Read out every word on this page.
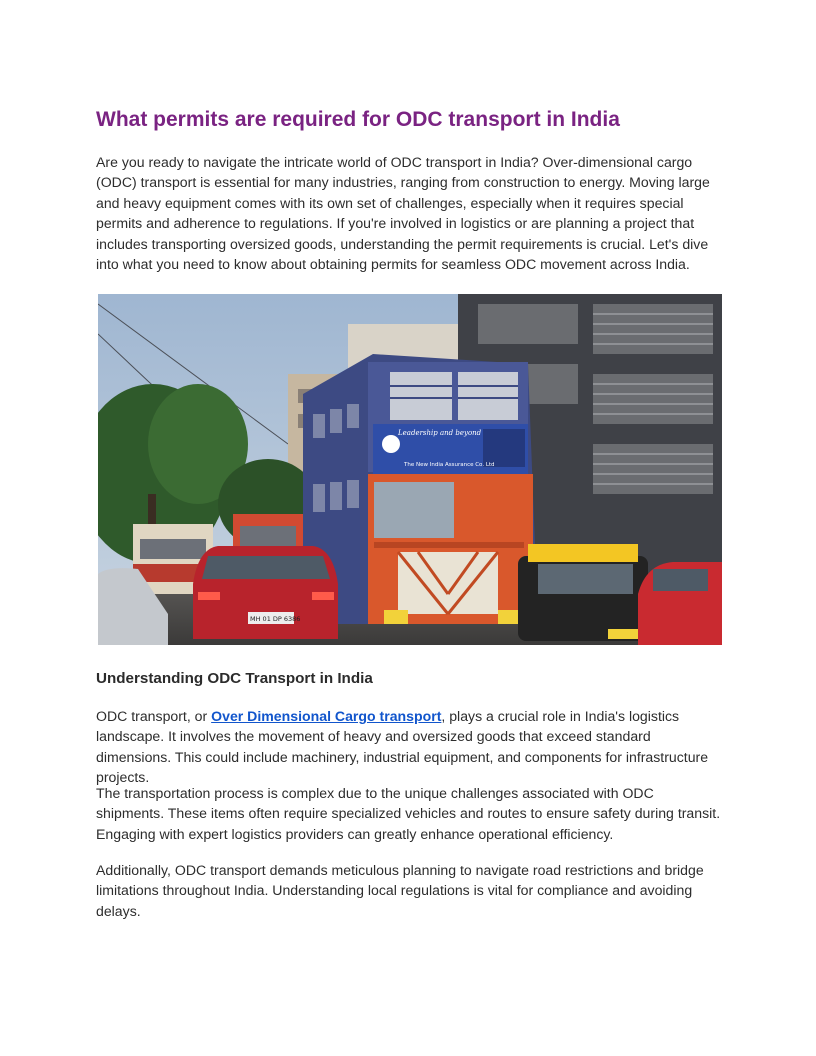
What permits are required for ODC transport in India

Are you ready to navigate the intricate world of ODC transport in India? Over-dimensional cargo (ODC) transport is essential for many industries, ranging from construction to energy. Moving large and heavy equipment comes with its own set of challenges, especially when it requires special permits and adherence to regulations. If you're involved in logistics or are planning a project that includes transporting oversized goods, understanding the permit requirements is crucial. Let's dive into what you need to know about obtaining permits for seamless ODC movement across India.

Leadership and beyond
The New India Assurance Co. Ltd
MH 01 DP 6386
Understanding ODC Transport in India

ODC transport, or Over Dimensional Cargo transport, plays a crucial role in India's logistics landscape. It involves the movement of heavy and oversized goods that exceed standard dimensions. This could include machinery, industrial equipment, and components for infrastructure projects.

The transportation process is complex due to the unique challenges associated with ODC shipments. These items often require specialized vehicles and routes to ensure safety during transit. Engaging with expert logistics providers can greatly enhance operational efficiency.

Additionally, ODC transport demands meticulous planning to navigate road restrictions and bridge limitations throughout India. Understanding local regulations is vital for compliance and avoiding delays.
